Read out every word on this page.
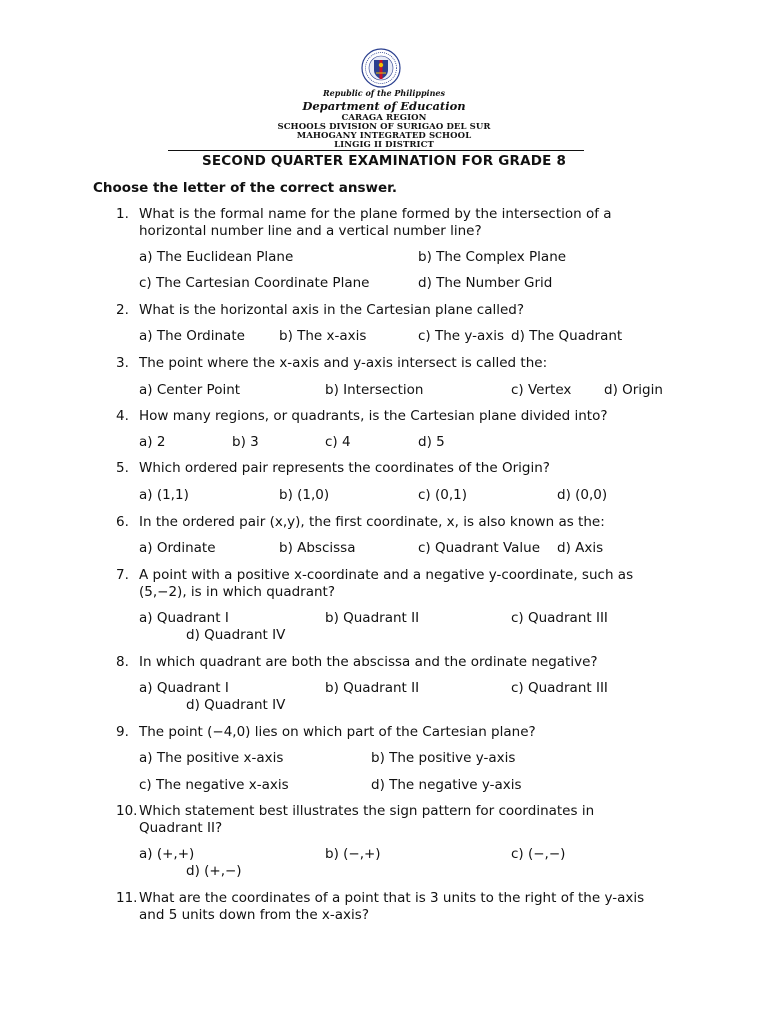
Republic of the Philippines
Department of Education
CARAGA REGION
SCHOOLS DIVISION OF SURIGAO DEL SUR
MAHOGANY INTEGRATED SCHOOL
LINGIG II DISTRICT
SECOND QUARTER EXAMINATION FOR GRADE 8
Choose the letter of the correct answer.
1. What is the formal name for the plane formed by the intersection of a
horizontal number line and a vertical number line?
a) The Euclidean Plane	b) The Complex Plane
c) The Cartesian Coordinate Plane	d) The Number Grid
2. What is the horizontal axis in the Cartesian plane called?
a) The Ordinate	b) The x-axis	c) The y-axis d) The Quadrant
3. The point where the x-axis and y-axis intersect is called the:
a) Center Point	b) Intersection	c) Vertex d) Origin
4. How many regions, or quadrants, is the Cartesian plane divided into?
a) 2	b) 3	c) 4	d) 5
5. Which ordered pair represents the coordinates of the Origin?
a) (1,1)	b) (1,0)	c) (0,1)	d) (0,0)
6. In the ordered pair (x,y), the first coordinate, x, is also known as the:
a) Ordinate	b) Abscissa	c) Quadrant Value d) Axis
7. A point with a positive x-coordinate and a negative y-coordinate, such as
(5,−2), is in which quadrant?
a) Quadrant I	b) Quadrant II	c) Quadrant III
d) Quadrant IV
8. In which quadrant are both the abscissa and the ordinate negative?
a) Quadrant I	b) Quadrant II	c) Quadrant III
d) Quadrant IV
9. The point (−4,0) lies on which part of the Cartesian plane?
a) The positive x-axis	b) The positive y-axis
c) The negative x-axis	d) The negative y-axis
10. Which statement best illustrates the sign pattern for coordinates in
Quadrant II?
a) (+,+)	b) (−,+)	c) (−,−)
d) (+,−)
11. What are the coordinates of a point that is 3 units to the right of the y-axis
and 5 units down from the x-axis?
